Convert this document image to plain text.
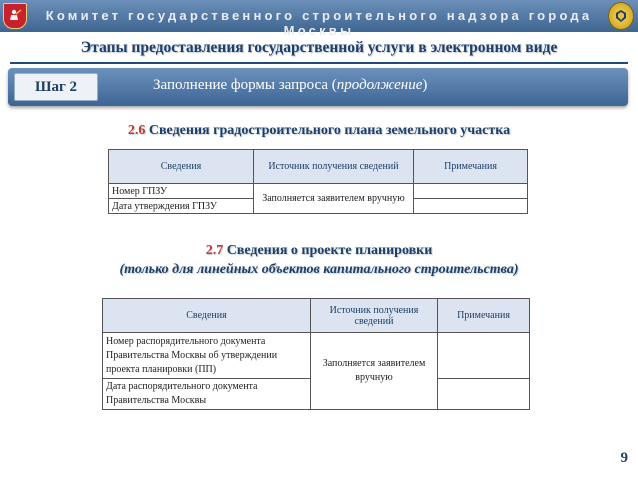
Комитет государственного строительного надзора города Москвы
Этапы предоставления государственной услуги в электронном виде
Шаг 2	Заполнение формы запроса (продолжение)
2.6 Сведения градостроительного плана земельного участка
Сведения	Источник получения сведений	Примечания
Номер ГПЗУ	Заполняется заявителем вручную	
Дата утверждения ГПЗУ		
2.7 Сведения о проекте планировки
(только для линейных объектов капитального строительства)
Сведения	Источник получения сведений	Примечания
Номер распорядительного документа Правительства Москвы об утверждении проекта планировки (ПП)	Заполняется заявителем вручную	
Дата распорядительного документа Правительства Москвы		
9
